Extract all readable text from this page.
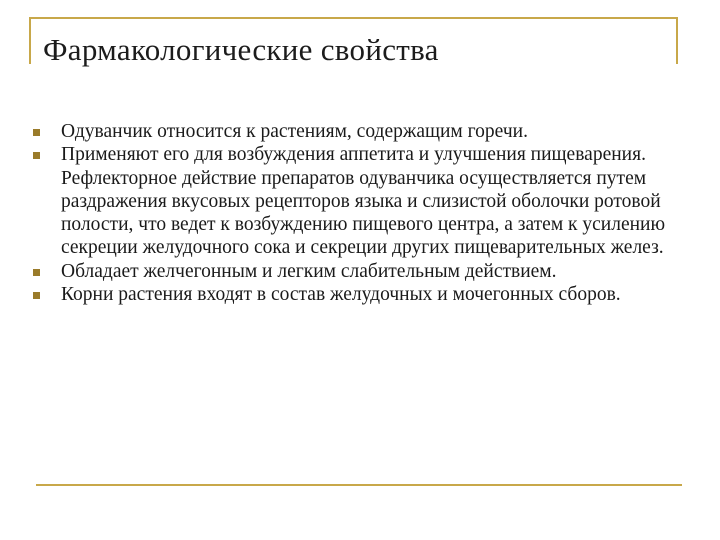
Фармакологические свойства
Одуванчик относится к растениям, содержащим горечи.
Применяют его для возбуждения аппетита и улучшения пищеварения. Рефлекторное действие препаратов одуванчика осуществляется путем раздражения вкусовых рецепторов языка и слизистой оболочки ротовой полости, что ведет к возбуждению пищевого центра, а затем к усилению секреции желудочного сока и секреции других пищеварительных желез.
Обладает желчегонным и легким слабительным действием.
Корни растения входят в состав желудочных и мочегонных сборов.
